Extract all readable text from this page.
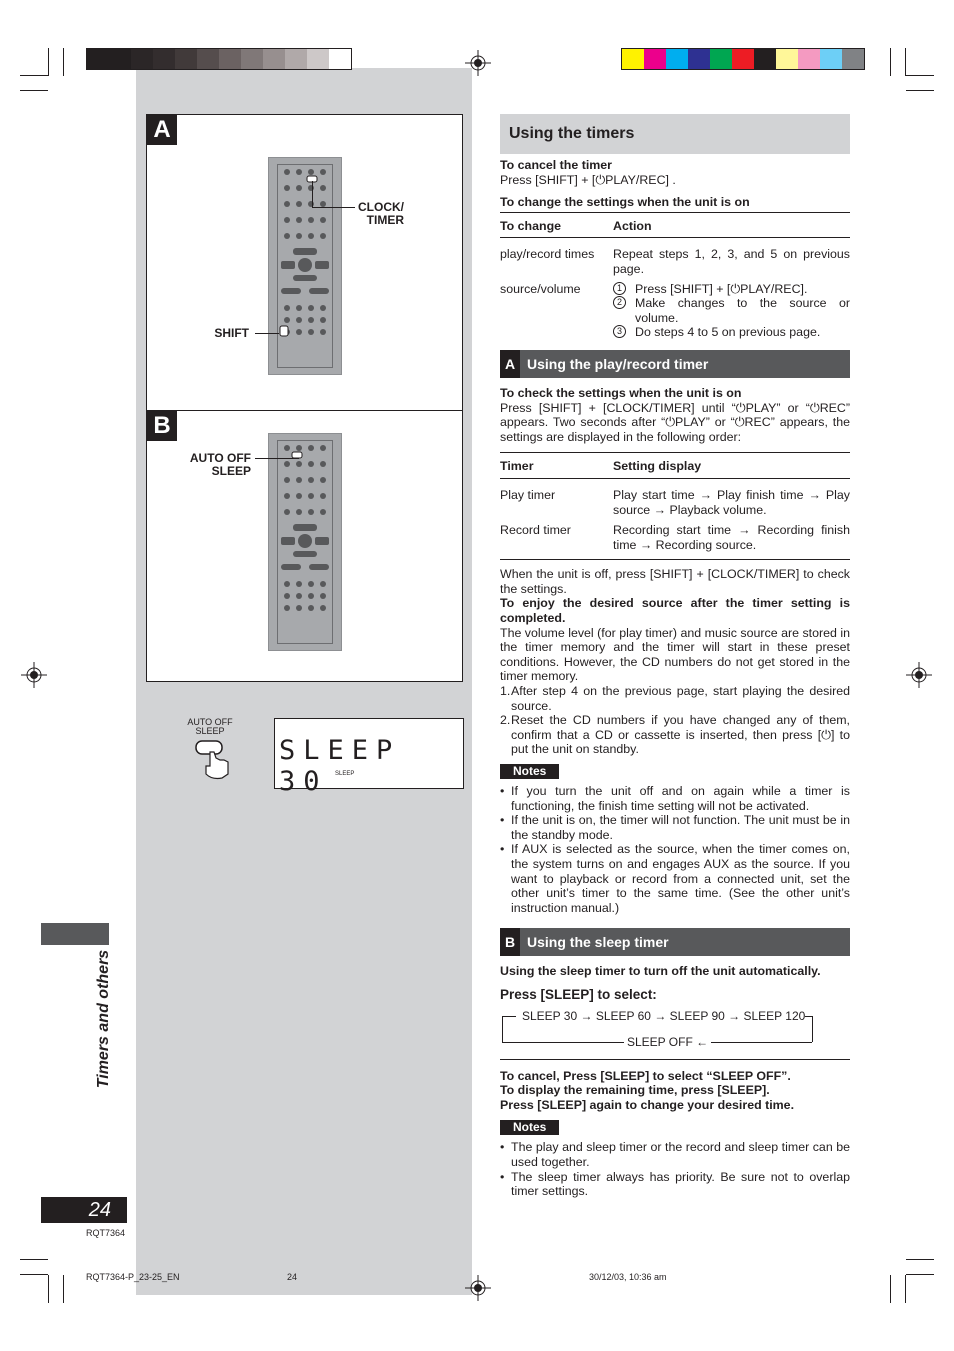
A
CLOCK/ TIMER
SHIFT
B
AUTO OFF SLEEP
AUTO OFF SLEEP
SLEEP 30	SLEEP
Using the timers
To cancel the timer
Press [SHIFT] + [⏻PLAY/REC] .
To change the settings when the unit is on
To change	Action
play/record times	Repeat steps 1, 2, 3, and 5 on previous page.
source/volume	1	Press [SHIFT] + [⏻PLAY/REC].
2	Make changes to the source or volume.
3	Do steps 4 to 5 on previous page.
A Using the play/record timer
To check the settings when the unit is on
Press [SHIFT] + [CLOCK/TIMER] until “⏻PLAY” or “⏻REC” appears. Two seconds after “⏻PLAY” or “⏻REC” appears, the settings are displayed in the following order:
Timer	Setting display
Play timer	Play start time → Play finish time → Play source → Playback volume.
Record timer	Recording start time → Recording finish time → Recording source.
When the unit is off, press [SHIFT] + [CLOCK/TIMER] to check the settings.
To enjoy the desired source after the timer setting is completed.
The volume level (for play timer) and music source are stored in the timer memory and the timer will start in these preset conditions. However, the CD numbers do not get stored in the timer memory.
1. After step 4 on the previous page, start playing the desired source.
2. Reset the CD numbers if you have changed any of them, confirm that a CD or cassette is inserted, then press [⏻] to put the unit on standby.
Notes
• If you turn the unit off and on again while a timer is functioning, the finish time setting will not be activated.
• If the unit is on, the timer will not function. The unit must be in the standby mode.
• If AUX is selected as the source, when the timer comes on, the system turns on and engages AUX as the source. If you want to playback or record from a connected unit, set the other unit’s timer to the same time. (See the other unit’s instruction manual.)
B Using the sleep timer
Using the sleep timer to turn off the unit automatically.
Press [SLEEP] to select:
SLEEP 30 → SLEEP 60 → SLEEP 90 → SLEEP 120
SLEEP OFF ←
To cancel, Press [SLEEP] to select “SLEEP OFF”.
To display the remaining time, press [SLEEP].
Press [SLEEP] again to change your desired time.
Notes
• The play and sleep timer or the record and sleep timer can be used together.
• The sleep timer always has priority. Be sure not to overlap timer settings.
Timers and others
24
RQT7364
RQT7364-P_23-25_EN	24	30/12/03, 10:36 am
